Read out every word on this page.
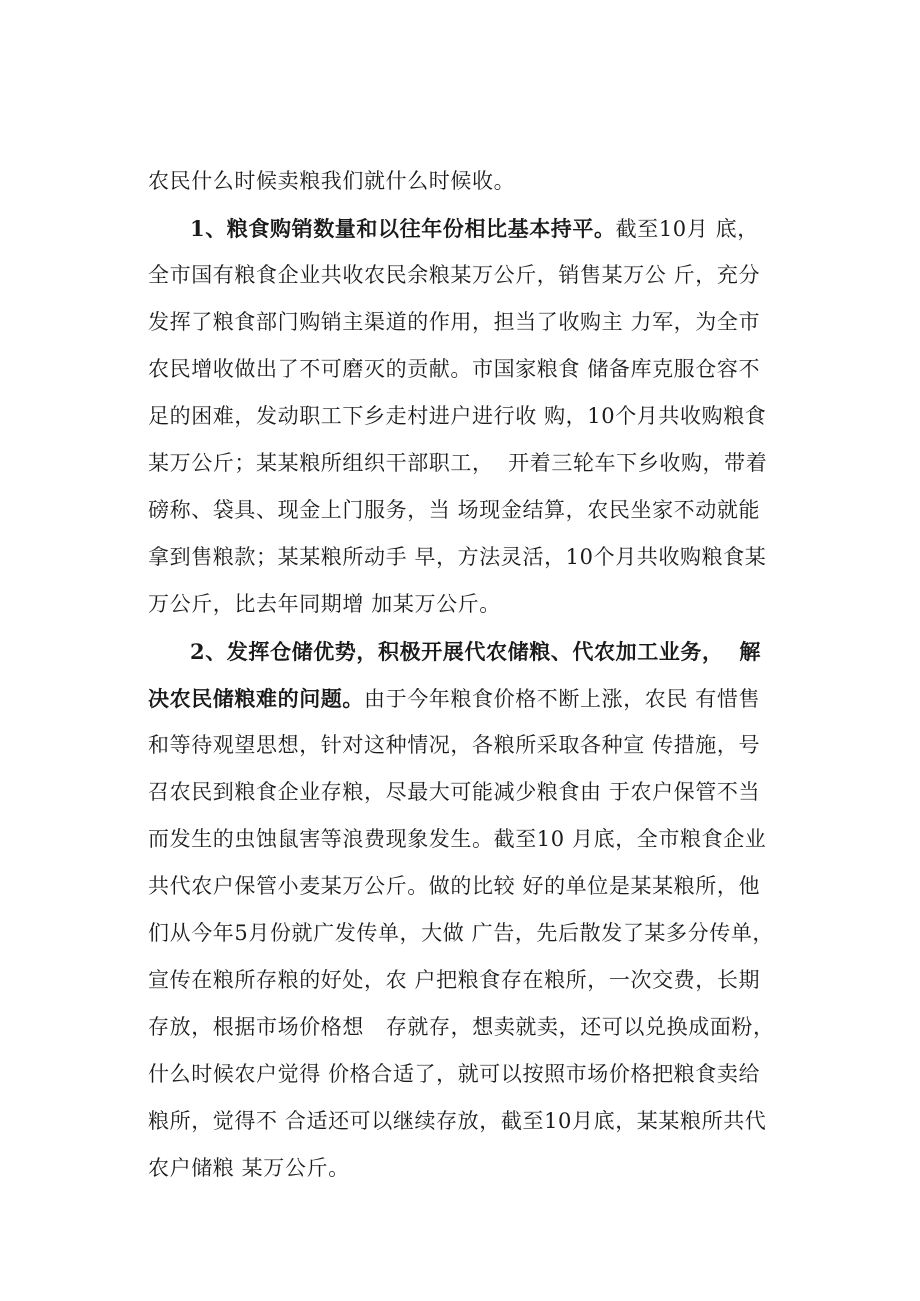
农民什么时候卖粮我们就什么时候收。
1、粮食购销数量和以往年份相比基本持平。截至10月 底，
全市国有粮食企业共收农民余粮某万公斤，销售某万公 斤，充分
发挥了粮食部门购销主渠道的作用，担当了收购主 力军，为全市
农民增收做出了不可磨灭的贡献。市国家粮食 储备库克服仓容不
足的困难，发动职工下乡走村进户进行收 购，10个月共收购粮食
某万公斤；某某粮所组织干部职工，  开着三轮车下乡收购，带着
磅称、袋具、现金上门服务，当 场现金结算，农民坐家不动就能
拿到售粮款；某某粮所动手 早，方法灵活，10个月共收购粮食某
万公斤，比去年同期增 加某万公斤。
2、发挥仓储优势，积极开展代农储粮、代农加工业务，  解
决农民储粮难的问题。由于今年粮食价格不断上涨，农民 有惜售
和等待观望思想，针对这种情况，各粮所采取各种宣 传措施，号
召农民到粮食企业存粮，尽最大可能减少粮食由 于农户保管不当
而发生的虫蚀鼠害等浪费现象发生。截至10 月底，全市粮食企业
共代农户保管小麦某万公斤。做的比较 好的单位是某某粮所，他
们从今年5月份就广发传单，大做 广告，先后散发了某多分传单，
宣传在粮所存粮的好处，农 户把粮食存在粮所，一次交费，长期
存放，根据市场价格想   存就存，想卖就卖，还可以兑换成面粉，
什么时候农户觉得 价格合适了，就可以按照市场价格把粮食卖给
粮所，觉得不 合适还可以继续存放，截至10月底，某某粮所共代
农户储粮 某万公斤。
